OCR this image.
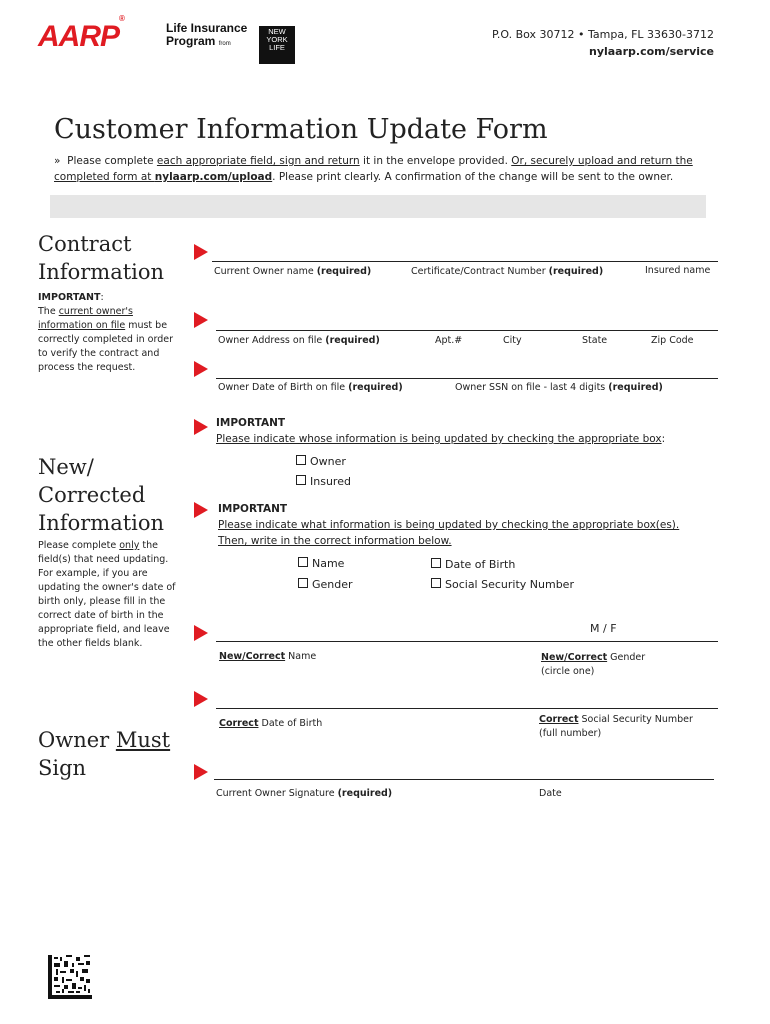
AARP®
Life Insurance
Program from
NEW YORK LIFE
P.O. Box 30712 • Tampa, FL 33630-3712
nylaarp.com/service
Customer Information Update Form
» Please complete each appropriate field, sign and return it in the envelope provided. Or, securely upload and return the completed form at nylaarp.com/upload. Please print clearly. A confirmation of the change will be sent to the owner.
Contract
Information
IMPORTANT:
The current owner's information on file must be correctly completed in order to verify the contract and process the request.
Current Owner name (required)	Certificate/Contract Number (required)	Insured name
Owner Address on file (required)	Apt.#	City	State	Zip Code
Owner Date of Birth on file (required)	Owner SSN on file - last 4 digits (required)
IMPORTANT
Please indicate whose information is being updated by checking the appropriate box:
Owner
Insured
New/
Corrected
Information
Please complete only the field(s) that need updating. For example, if you are updating the owner's date of birth only, please fill in the correct date of birth in the appropriate field, and leave the other fields blank.
IMPORTANT
Please indicate what information is being updated by checking the appropriate box(es). Then, write in the correct information below.
Name
Gender
Date of Birth
Social Security Number
M / F
New/Correct Name	New/Correct Gender
(circle one)
Correct Date of Birth	Correct Social Security Number
(full number)
Owner Must
Sign
Current Owner Signature (required)	Date
